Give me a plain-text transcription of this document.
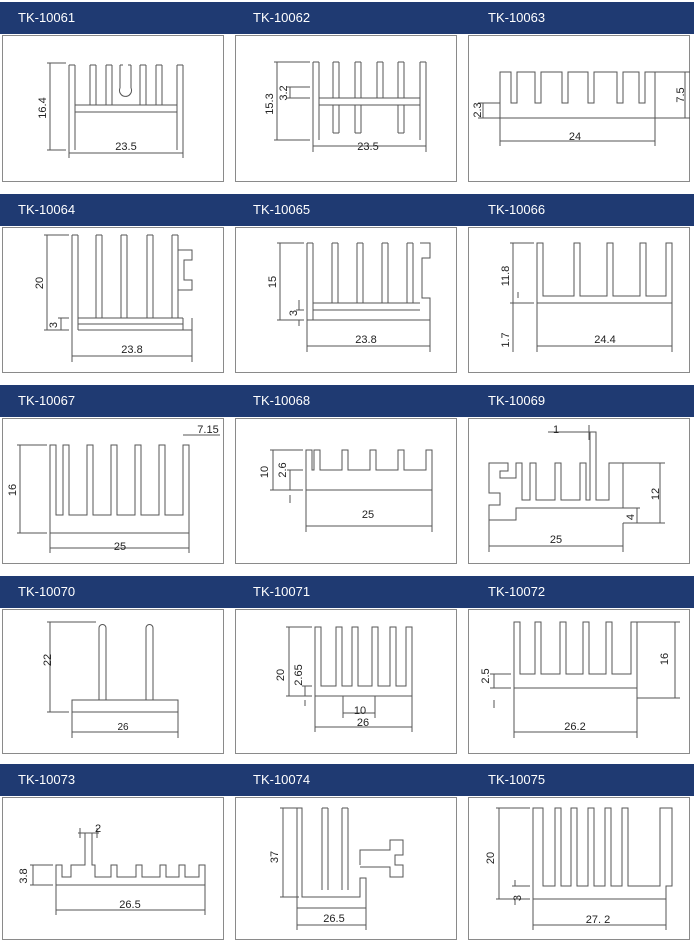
TK-10061	TK-10062	TK-10063
TK-10064	TK-10065	TK-10066
TK-10067	TK-10068	TK-10069
TK-10070	TK-10071	TK-10072
TK-10073	TK-10074	TK-10075
16.4
23.5
15.3
3.2
23.5
2.3
7.5
24
20
3
23.8
15
3
23.8
11.8
1.7	24.4
16
7.15
25
10 2.6
25
1
12
4
25
22
26
20 2.65
10
26
2.5
16
26.2
2
3.8
26.5
37
26.5
20
3
27. 2
